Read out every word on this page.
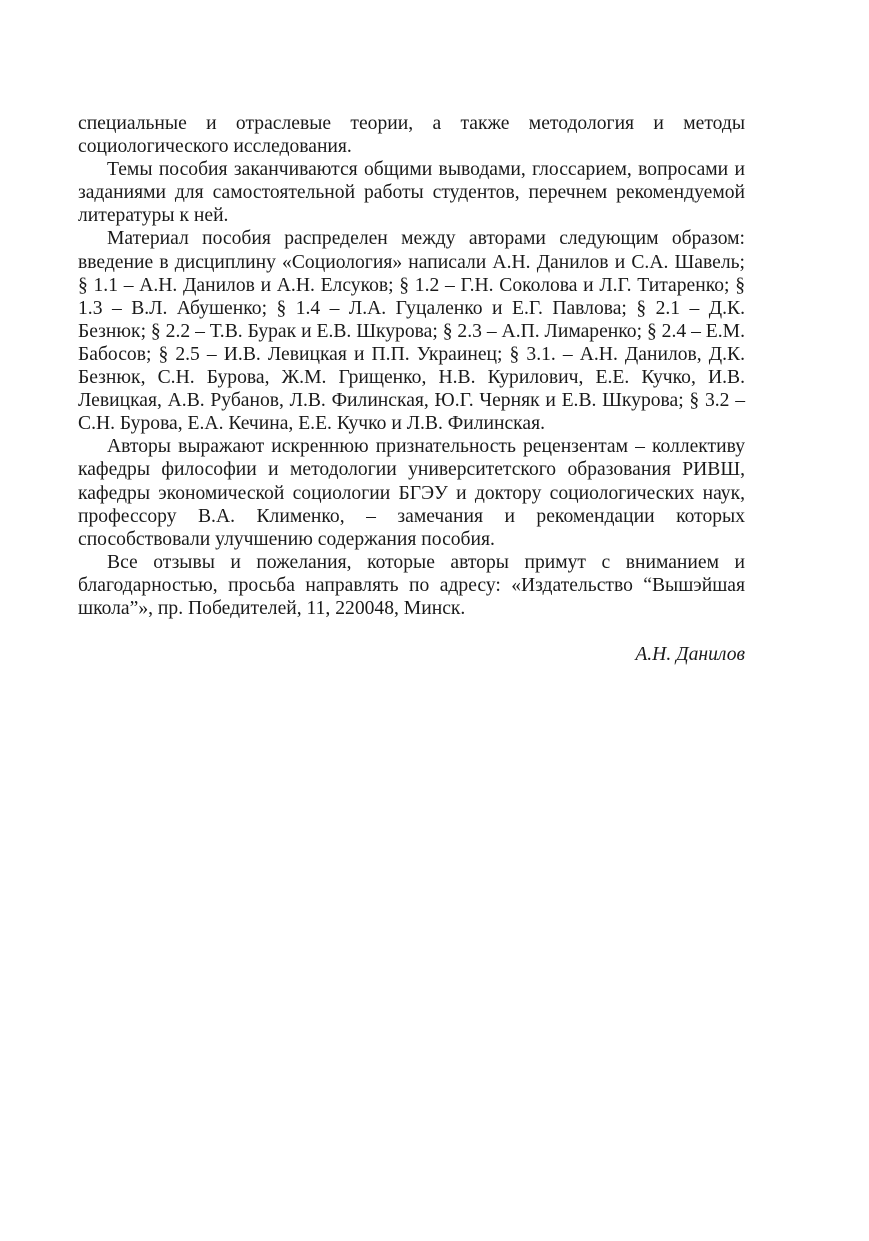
специальные и отраслевые теории, а также методология и методы социологического исследования.

Темы пособия заканчиваются общими выводами, глоссарием, вопросами и заданиями для самостоятельной работы студентов, перечнем рекомендуемой литературы к ней.

Материал пособия распределен между авторами следующим образом: введение в дисциплину «Социология» написали А.Н. Данилов и С.А. Шавель; § 1.1 – А.Н. Данилов и А.Н. Елсуков; § 1.2 – Г.Н. Соколова и Л.Г. Титаренко; § 1.3 – В.Л. Абушенко; § 1.4 – Л.А. Гуцаленко и Е.Г. Павлова; § 2.1 – Д.К. Безнюк; § 2.2 – Т.В. Бурак и Е.В. Шкурова; § 2.3 – А.П. Лимаренко; § 2.4 – Е.М. Бабосов; § 2.5 – И.В. Левицкая и П.П. Украинец; § 3.1. – А.Н. Данилов, Д.К. Безнюк, С.Н. Бурова, Ж.М. Грищенко, Н.В. Курилович, Е.Е. Кучко, И.В. Левицкая, А.В. Рубанов, Л.В. Филинская, Ю.Г. Черняк и Е.В. Шкурова; § 3.2 – С.Н. Бурова, Е.А. Кечина, Е.Е. Кучко и Л.В. Филинская.

Авторы выражают искреннюю признательность рецензентам – коллективу кафедры философии и методологии университетского образования РИВШ, кафедры экономической социологии БГЭУ и доктору социологических наук, профессору В.А. Клименко, – замечания и рекомендации которых способствовали улучшению содержания пособия.

Все отзывы и пожелания, которые авторы примут с вниманием и благодарностью, просьба направлять по адресу: «Издательство “Вышэйшая школа”», пр. Победителей, 11, 220048, Минск.

А.Н. Данилов
